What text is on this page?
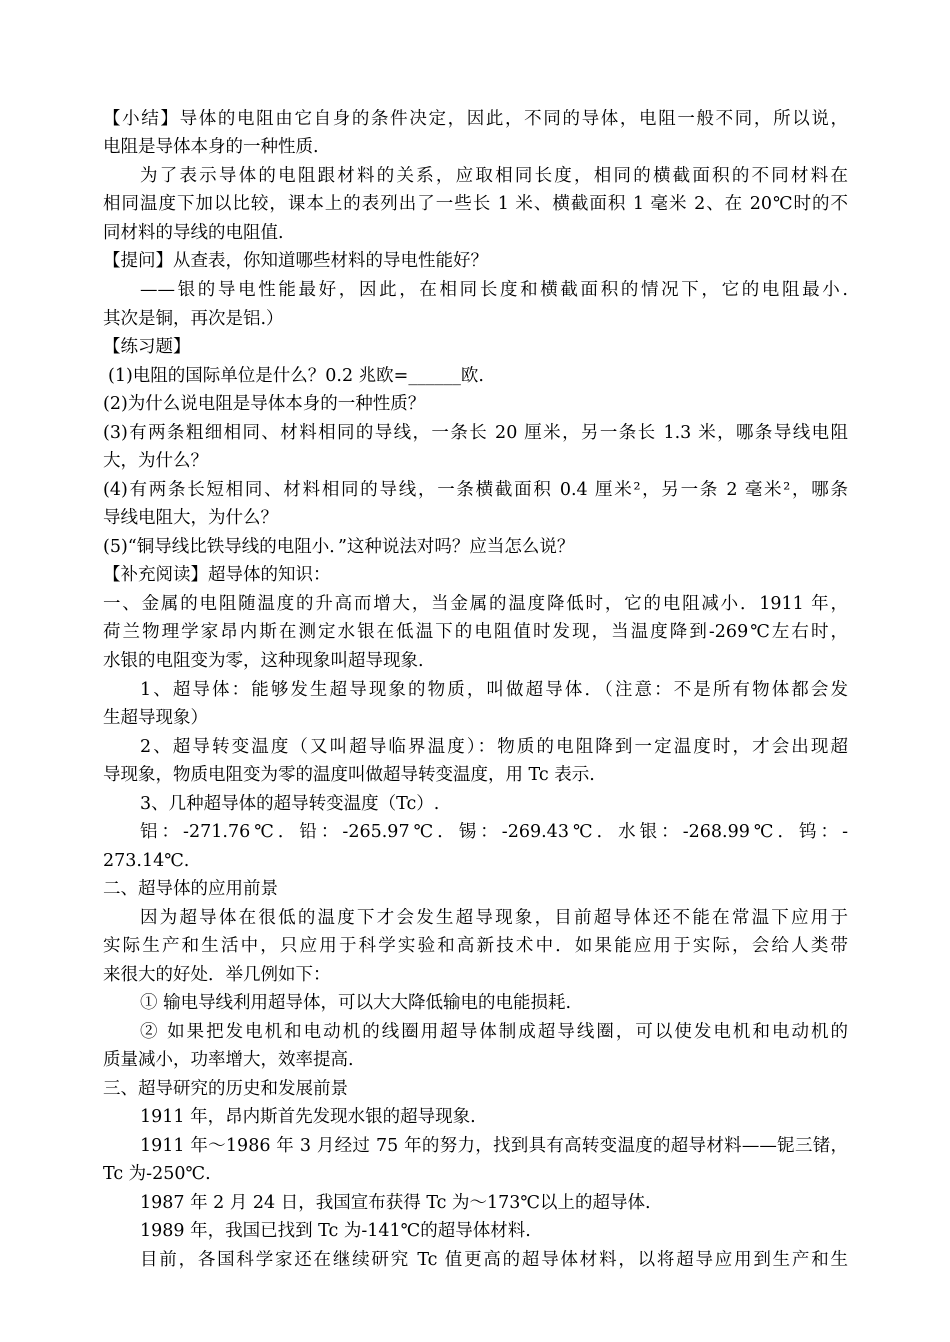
【小结】导体的电阻由它自身的条件决定，因此，不同的导体，电阻一般不同，所以说，
电阻是导体本身的一种性质.
为了表示导体的电阻跟材料的关系，应取相同长度，相同的横截面积的不同材料在
相同温度下加以比较，课本上的表列出了一些长 1 米、横截面积 1 毫米 2、在 20℃时的不
同材料的导线的电阻值.
【提问】从查表，你知道哪些材料的导电性能好？
——银的导电性能最好，因此，在相同长度和横截面积的情况下，它的电阻最小.
其次是铜，再次是铝.）
【练习题】
(1)电阻的国际单位是什么？0.2 兆欧=______欧.
(2)为什么说电阻是导体本身的一种性质？
(3)有两条粗细相同、材料相同的导线，一条长 20 厘米，另一条长 1.3 米，哪条导线电阻
大，为什么？
(4)有两条长短相同、材料相同的导线，一条横截面积 0.4 厘米²，另一条 2 毫米²，哪条
导线电阻大，为什么？
(5)“铜导线比铁导线的电阻小．”这种说法对吗？应当怎么说？
【补充阅读】超导体的知识：
一、金属的电阻随温度的升高而增大，当金属的温度降低时，它的电阻减小．1911 年，
荷兰物理学家昂内斯在测定水银在低温下的电阻值时发现，当温度降到-269℃左右时，
水银的电阻变为零，这种现象叫超导现象.
1、超导体：能够发生超导现象的物质，叫做超导体．（注意：不是所有物体都会发
生超导现象）
2、超导转变温度（又叫超导临界温度）：物质的电阻降到一定温度时，才会出现超
导现象，物质电阻变为零的温度叫做超导转变温度，用 Tc 表示.
3、几种超导体的超导转变温度（Tc）.
铝：-271.76℃．铅：-265.97℃．锡：-269.43℃．水银：-268.99℃．钨：-
273.14℃.
二、超导体的应用前景
因为超导体在很低的温度下才会发生超导现象，目前超导体还不能在常温下应用于
实际生产和生活中，只应用于科学实验和高新技术中．如果能应用于实际，会给人类带
来很大的好处．举几例如下：
① 输电导线利用超导体，可以大大降低输电的电能损耗.
② 如果把发电机和电动机的线圈用超导体制成超导线圈，可以使发电机和电动机的
质量减小，功率增大，效率提高.
三、超导研究的历史和发展前景
1911 年，昂内斯首先发现水银的超导现象.
1911 年～1986 年 3 月经过 75 年的努力，找到具有高转变温度的超导材料——铌三锗，
Tc 为-250℃.
1987 年 2 月 24 日，我国宣布获得 Tc 为～173℃以上的超导体.
1989 年，我国已找到 Tc 为-141℃的超导体材料.
目前，各国科学家还在继续研究 Tc 值更高的超导体材料，以将超导应用到生产和生
